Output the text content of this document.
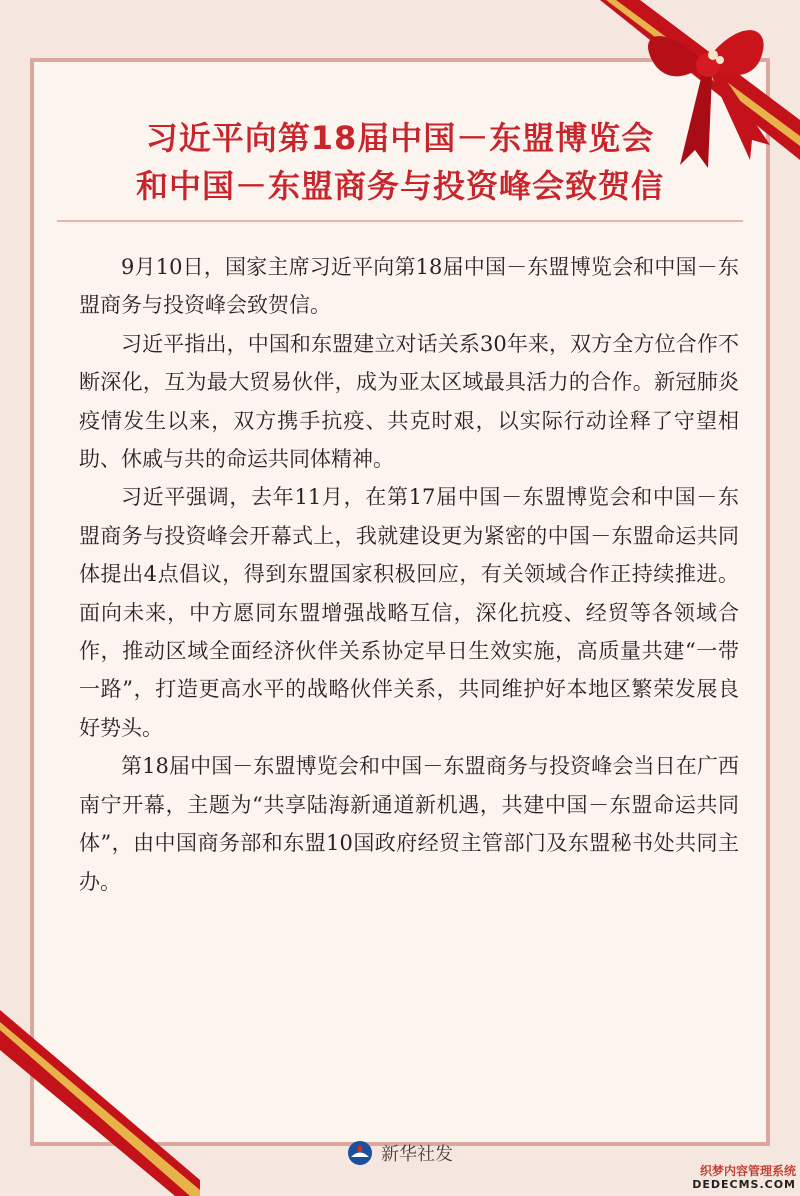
习近平向第18届中国－东盟博览会
和中国－东盟商务与投资峰会致贺信

9月10日，国家主席习近平向第18届中国－东盟博览会和中国－东盟商务与投资峰会致贺信。

习近平指出，中国和东盟建立对话关系30年来，双方全方位合作不断深化，互为最大贸易伙伴，成为亚太区域最具活力的合作。新冠肺炎疫情发生以来，双方携手抗疫、共克时艰，以实际行动诠释了守望相助、休戚与共的命运共同体精神。

习近平强调，去年11月，在第17届中国－东盟博览会和中国－东盟商务与投资峰会开幕式上，我就建设更为紧密的中国－东盟命运共同体提出4点倡议，得到东盟国家积极回应，有关领域合作正持续推进。面向未来，中方愿同东盟增强战略互信，深化抗疫、经贸等各领域合作，推动区域全面经济伙伴关系协定早日生效实施，高质量共建“一带一路”，打造更高水平的战略伙伴关系，共同维护好本地区繁荣发展良好势头。

第18届中国－东盟博览会和中国－东盟商务与投资峰会当日在广西南宁开幕，主题为“共享陆海新通道新机遇，共建中国－东盟命运共同体”，由中国商务部和东盟10国政府经贸主管部门及东盟秘书处共同主办。

新华社发
织梦内容管理系统
DEDECMS.COM
